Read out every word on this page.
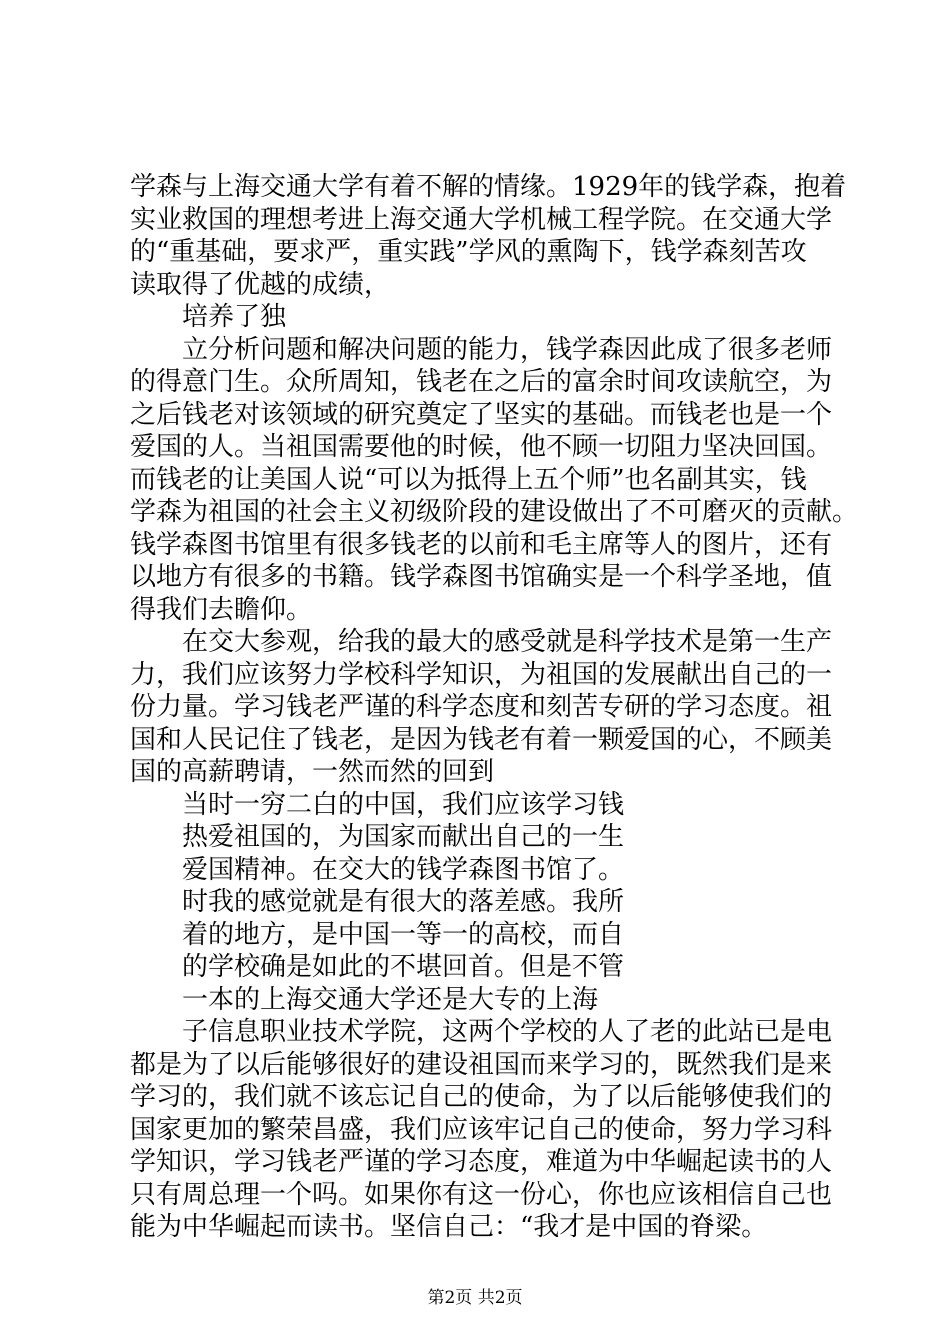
学森与上海交通大学有着不解的情缘。1929年的钱学森，抱着
实业救国的理想考进上海交通大学机械工程学院。在交通大学
的“重基础，要求严，重实践”学风的熏陶下，钱学森刻苦攻
读取得了优越的成绩，
培养了独
立分析问题和解决问题的能力，钱学森因此成了很多老师
的得意门生。众所周知，钱老在之后的富余时间攻读航空，为
之后钱老对该领域的研究奠定了坚实的基础。而钱老也是一个
爱国的人。当祖国需要他的时候，他不顾一切阻力坚决回国。
而钱老的让美国人说“可以为抵得上五个师”也名副其实，钱
学森为祖国的社会主义初级阶段的建设做出了不可磨灭的贡献。
钱学森图书馆里有很多钱老的以前和毛主席等人的图片，还有
以地方有很多的书籍。钱学森图书馆确实是一个科学圣地，值
得我们去瞻仰。
在交大参观，给我的最大的感受就是科学技术是第一生产
力，我们应该努力学校科学知识，为祖国的发展献出自己的一
份力量。学习钱老严谨的科学态度和刻苦专研的学习态度。祖
国和人民记住了钱老，是因为钱老有着一颗爱国的心，不顾美
国的高薪聘请，一然而然的回到
当时一穷二白的中国，我们应该学习钱
热爱祖国的，为国家而献出自己的一生
爱国精神。在交大的钱学森图书馆了。
时我的感觉就是有很大的落差感。我所
着的地方，是中国一等一的高校，而自
的学校确是如此的不堪回首。但是不管
一本的上海交通大学还是大专的上海
子信息职业技术学院，这两个学校的人了老的此站已是电
都是为了以后能够很好的建设祖国而来学习的，既然我们是来
学习的，我们就不该忘记自己的使命，为了以后能够使我们的
国家更加的繁荣昌盛，我们应该牢记自己的使命，努力学习科
学知识，学习钱老严谨的学习态度，难道为中华崛起读书的人
只有周总理一个吗。如果你有这一份心，你也应该相信自己也
能为中华崛起而读书。坚信自己：“我才是中国的脊梁。
第2页 共2页
